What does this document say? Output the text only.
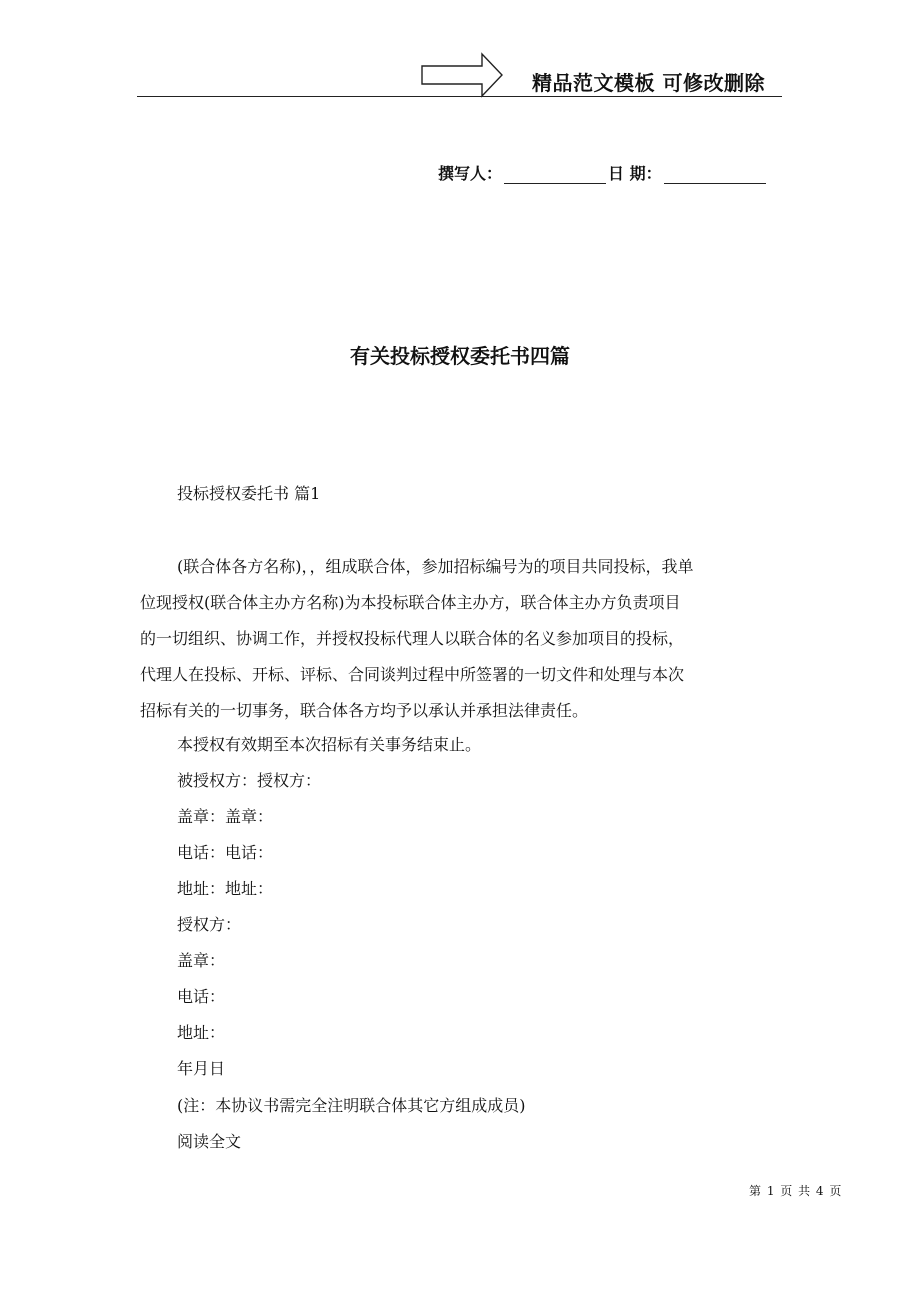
精品范文模板 可修改删除
撰写人：	日 期：
有关投标授权委托书四篇
投标授权委托书 篇1
(联合体各方名称)，，组成联合体，参加招标编号为的项目共同投标，我单
位现授权(联合体主办方名称)为本投标联合体主办方，联合体主办方负责项目
的一切组织、协调工作，并授权投标代理人以联合体的名义参加项目的投标，
代理人在投标、开标、评标、合同谈判过程中所签署的一切文件和处理与本次
招标有关的一切事务，联合体各方均予以承认并承担法律责任。
本授权有效期至本次招标有关事务结束止。
被授权方：授权方：
盖章：盖章：
电话：电话：
地址：地址：
授权方：
盖章：
电话：
地址：
年月日
(注：本协议书需完全注明联合体其它方组成成员)
阅读全文
第 1 页 共 4 页
